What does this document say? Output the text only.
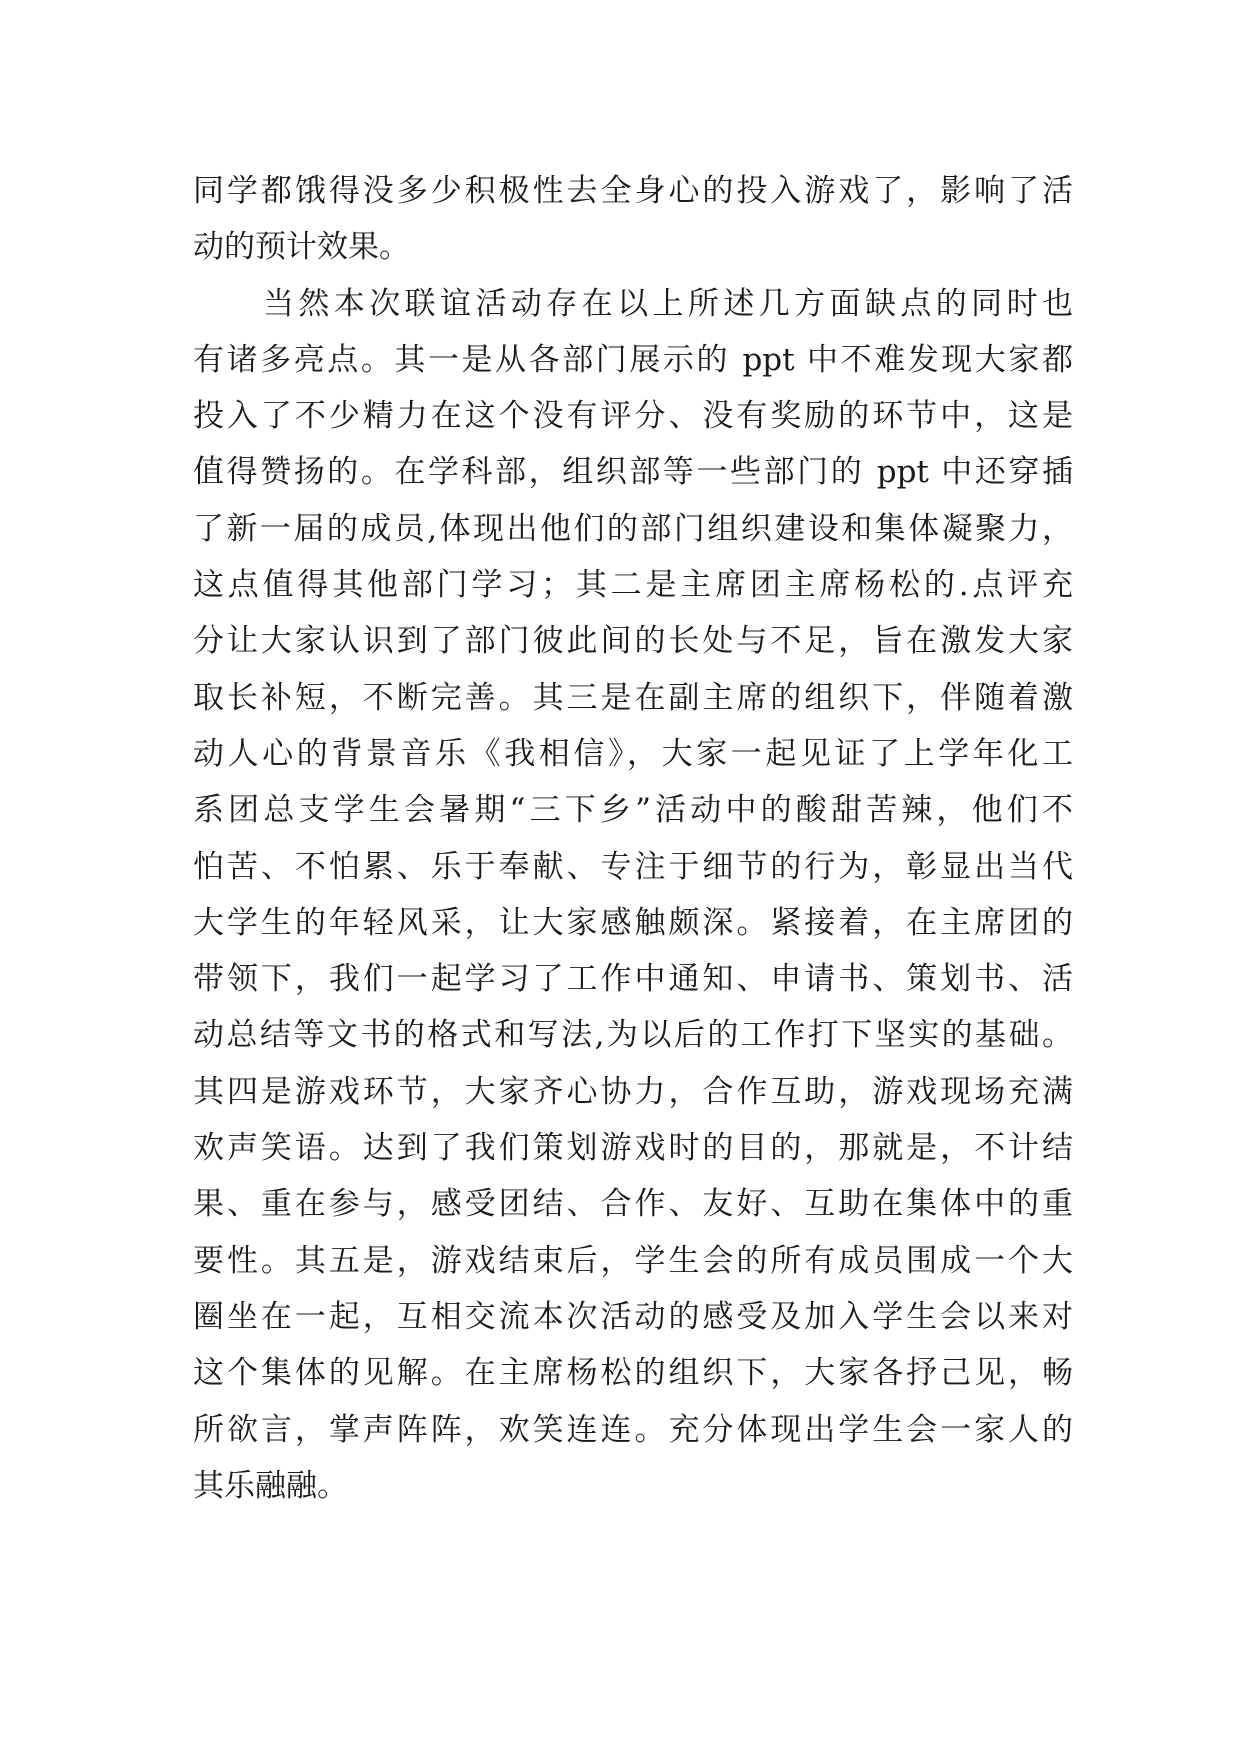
同学都饿得没多少积极性去全身心的投入游戏了，影响了活
动的预计效果。
当然本次联谊活动存在以上所述几方面缺点的同时也
有诸多亮点。其一是从各部门展示的 ppt 中不难发现大家都
投入了不少精力在这个没有评分、没有奖励的环节中，这是
值得赞扬的。在学科部，组织部等一些部门的 ppt 中还穿插
了新一届的成员,体现出他们的部门组织建设和集体凝聚力，
这点值得其他部门学习；其二是主席团主席杨松的.点评充
分让大家认识到了部门彼此间的长处与不足，旨在激发大家
取长补短，不断完善。其三是在副主席的组织下，伴随着激
动人心的背景音乐《我相信》，大家一起见证了上学年化工
系团总支学生会暑期“三下乡”活动中的酸甜苦辣，他们不
怕苦、不怕累、乐于奉献、专注于细节的行为，彰显出当代
大学生的年轻风采，让大家感触颇深。紧接着，在主席团的
带领下，我们一起学习了工作中通知、申请书、策划书、活
动总结等文书的格式和写法,为以后的工作打下坚实的基础。
其四是游戏环节，大家齐心协力，合作互助，游戏现场充满
欢声笑语。达到了我们策划游戏时的目的，那就是，不计结
果、重在参与，感受团结、合作、友好、互助在集体中的重
要性。其五是，游戏结束后，学生会的所有成员围成一个大
圈坐在一起，互相交流本次活动的感受及加入学生会以来对
这个集体的见解。在主席杨松的组织下，大家各抒己见，畅
所欲言，掌声阵阵，欢笑连连。充分体现出学生会一家人的
其乐融融。
